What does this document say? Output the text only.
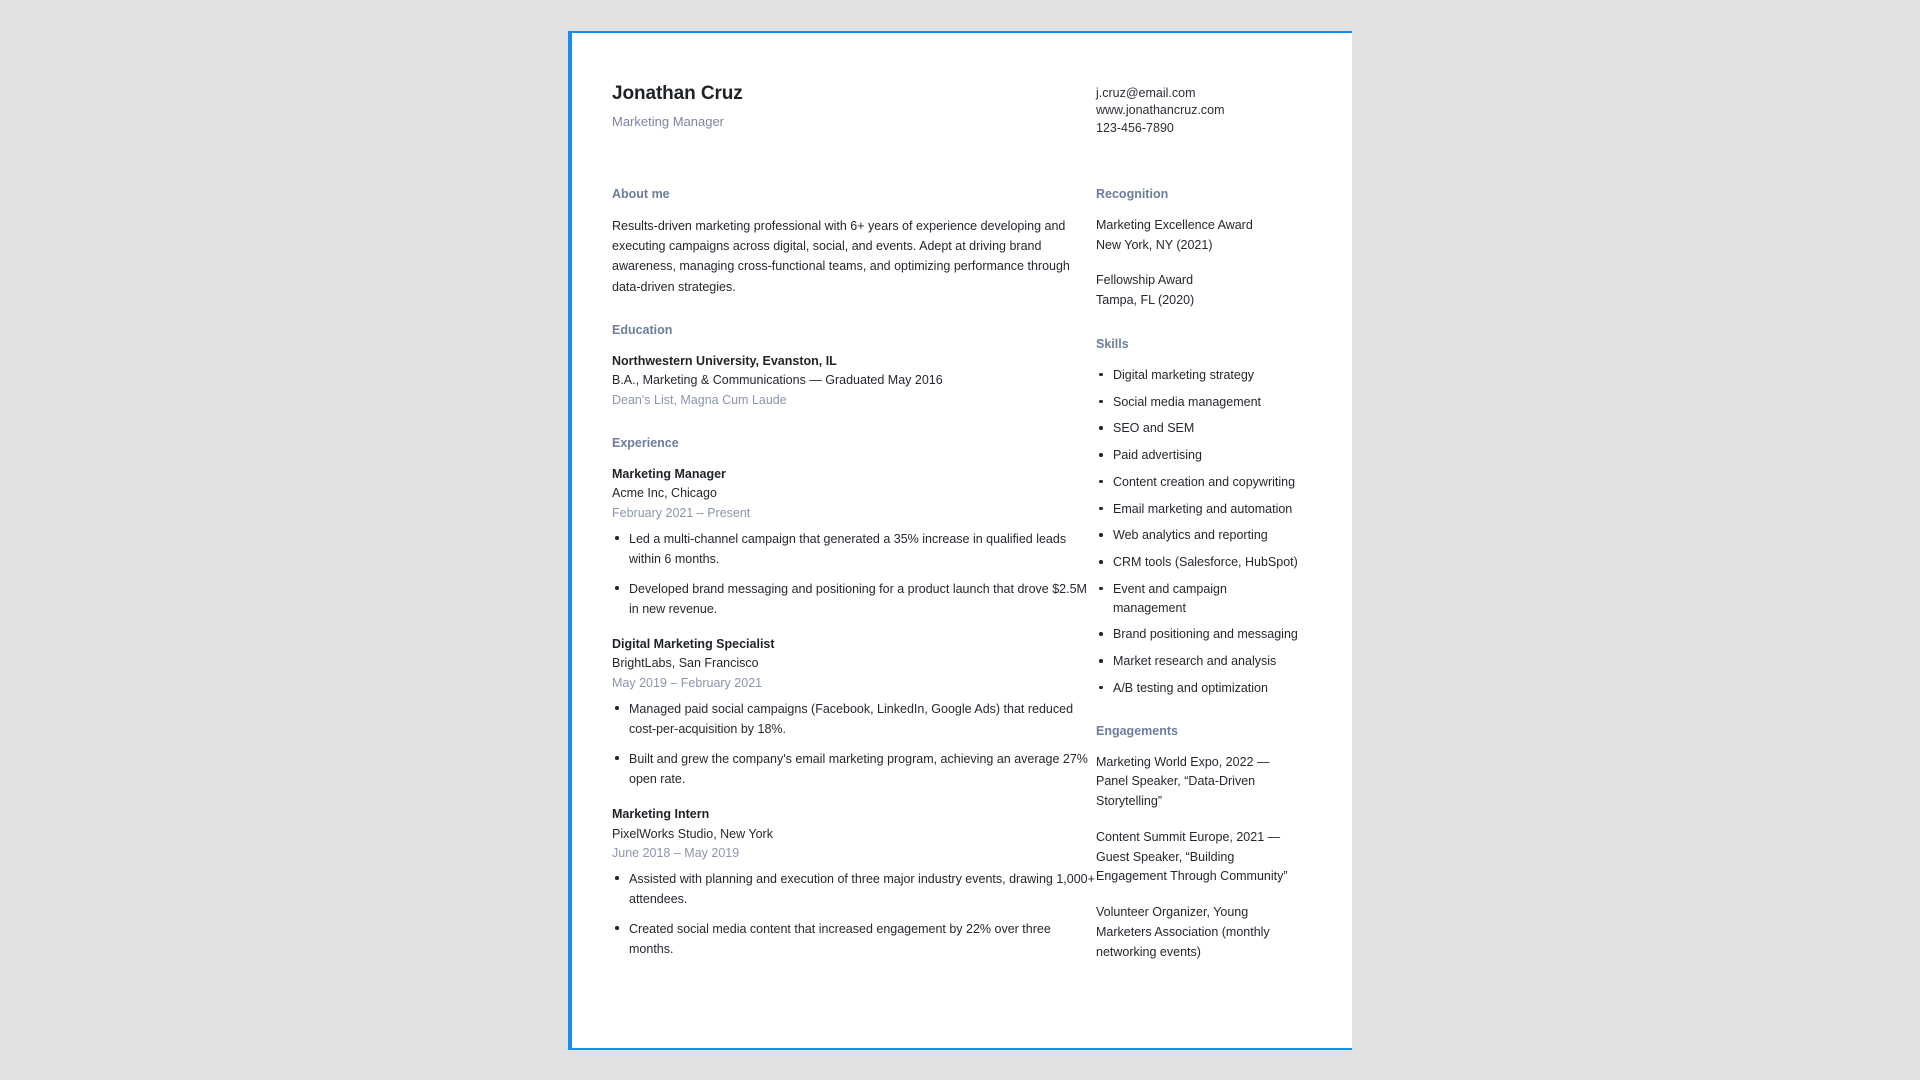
Jonathan Cruz
Marketing Manager
j.cruz@email.com
www.jonathancruz.com
123-456-7890
About me
Results-driven marketing professional with 6+ years of experience developing and executing campaigns across digital, social, and events. Adept at driving brand awareness, managing cross-functional teams, and optimizing performance through data-driven strategies.
Education
Northwestern University, Evanston, IL
B.A., Marketing & Communications — Graduated May 2016
Dean's List, Magna Cum Laude
Experience
Marketing Manager
Acme Inc, Chicago
February 2021 – Present
Led a multi-channel campaign that generated a 35% increase in qualified leads within 6 months.
Developed brand messaging and positioning for a product launch that drove $2.5M in new revenue.
Digital Marketing Specialist
BrightLabs, San Francisco
May 2019 – February 2021
Managed paid social campaigns (Facebook, LinkedIn, Google Ads) that reduced cost-per-acquisition by 18%.
Built and grew the company's email marketing program, achieving an average 27% open rate.
Marketing Intern
PixelWorks Studio, New York
June 2018 – May 2019
Assisted with planning and execution of three major industry events, drawing 1,000+ attendees.
Created social media content that increased engagement by 22% over three months.
Recognition
Marketing Excellence Award
New York, NY (2021)
Fellowship Award
Tampa, FL (2020)
Skills
Digital marketing strategy
Social media management
SEO and SEM
Paid advertising
Content creation and copywriting
Email marketing and automation
Web analytics and reporting
CRM tools (Salesforce, HubSpot)
Event and campaign management
Brand positioning and messaging
Market research and analysis
A/B testing and optimization
Engagements
Marketing World Expo, 2022 — Panel Speaker, “Data-Driven Storytelling”
Content Summit Europe, 2021 — Guest Speaker, “Building Engagement Through Community”
Volunteer Organizer, Young Marketers Association (monthly networking events)
